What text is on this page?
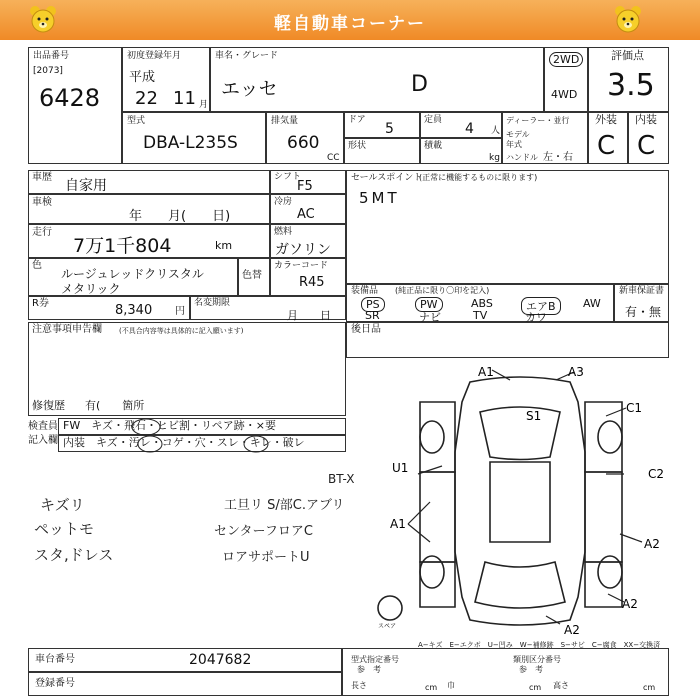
軽自動車コーナー
出品番号
[2073]
6428
初度登録年月
平成
22 11 月
車名・グレード
エッセ	D
2WD
4WD
評価点
3.5
型式
DBA-L235S
排気量
660
CC
ドア
5
定員
4 人
形状	積載
kg
ディーラー・並行
モデル年式
ハンドル 左・右
外装
C
内装
C
車歴
自家用
車検
年　　月(　　日)
走行
7万1千804	km
色
ルージュレッドクリスタル
メタリック
色替
シフト
F5
冷房
AC
燃料
ガソリン
カラーコード
R45
R券	8,340 円
名変期限
月　　日
セールスポイント
(正常に機能するものに限ります)
5MT
装備品 (純正品に限り〇印を記入)
PS	PW	ABS	エアB	AW
SR	ナビ	TV	カワ
新車保証書
有・無
注意事項申告欄 (不具合内容等は具体的に記入願います)
修復歴 有(　　箇所
後日品
検査員
記入欄
FW　キズ・飛石・ヒビ割・リペア跡・×要
内装　キズ・汚レ・コゲ・穴・スレ・キレ・破レ
キズリ
ペットモ
スタ,ドレス
工旦リ S/部C.アブリ
センターフロアC
ロアサポートU
BT-X
A1	A3
S1
C1
U1	C2
A1
A2
A2
A2
スペア
A−キズ　E−エクボ　U−凹み　W−補修跡　S−サビ　C−腐食　XX−交換済
車台番号	2047682
登録番号
型式指定番号
参　考
類別区分番号
参　考
長さ	cm 巾	cm 高さ	cm
